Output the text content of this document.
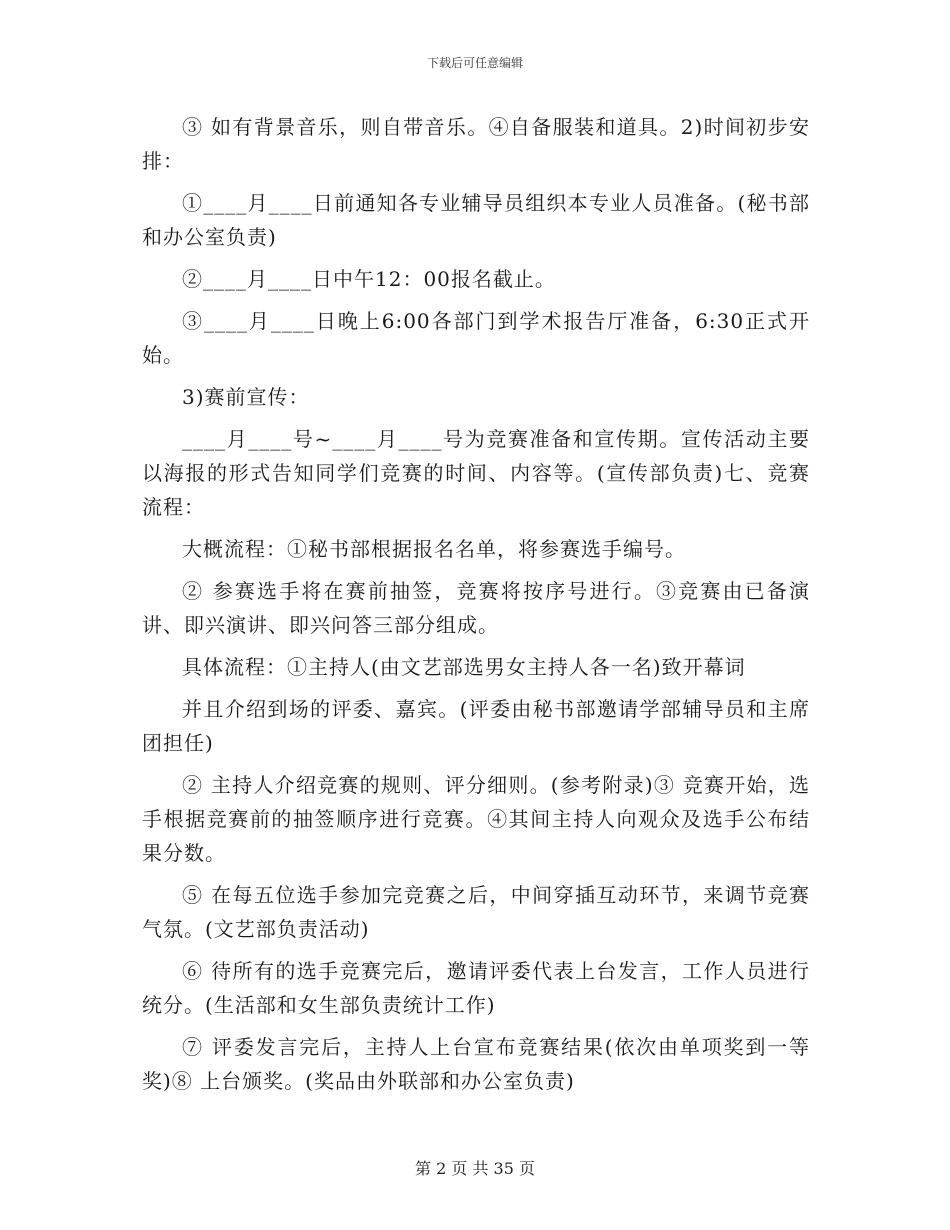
下载后可任意编辑

③ 如有背景音乐，则自带音乐。④自备服装和道具。2)时间初步安排：

①____月____日前通知各专业辅导员组织本专业人员准备。(秘书部和办公室负责)

②____月____日中午12：00报名截止。

③____月____日晚上6:00各部门到学术报告厅准备，6:30正式开始。

3)赛前宣传：

____月____号~____月____号为竞赛准备和宣传期。宣传活动主要以海报的形式告知同学们竞赛的时间、内容等。(宣传部负责)七、竞赛流程：

大概流程：①秘书部根据报名名单，将参赛选手编号。

② 参赛选手将在赛前抽签，竞赛将按序号进行。③竞赛由已备演讲、即兴演讲、即兴问答三部分组成。

具体流程：①主持人(由文艺部选男女主持人各一名)致开幕词

并且介绍到场的评委、嘉宾。(评委由秘书部邀请学部辅导员和主席团担任)

② 主持人介绍竞赛的规则、评分细则。(参考附录)③ 竞赛开始，选手根据竞赛前的抽签顺序进行竞赛。④其间主持人向观众及选手公布结果分数。

⑤ 在每五位选手参加完竞赛之后，中间穿插互动环节，来调节竞赛气氛。(文艺部负责活动)

⑥ 待所有的选手竞赛完后，邀请评委代表上台发言，工作人员进行统分。(生活部和女生部负责统计工作)

⑦ 评委发言完后，主持人上台宣布竞赛结果(依次由单项奖到一等奖)⑧ 上台颁奖。(奖品由外联部和办公室负责)

第 2 页 共 35 页
